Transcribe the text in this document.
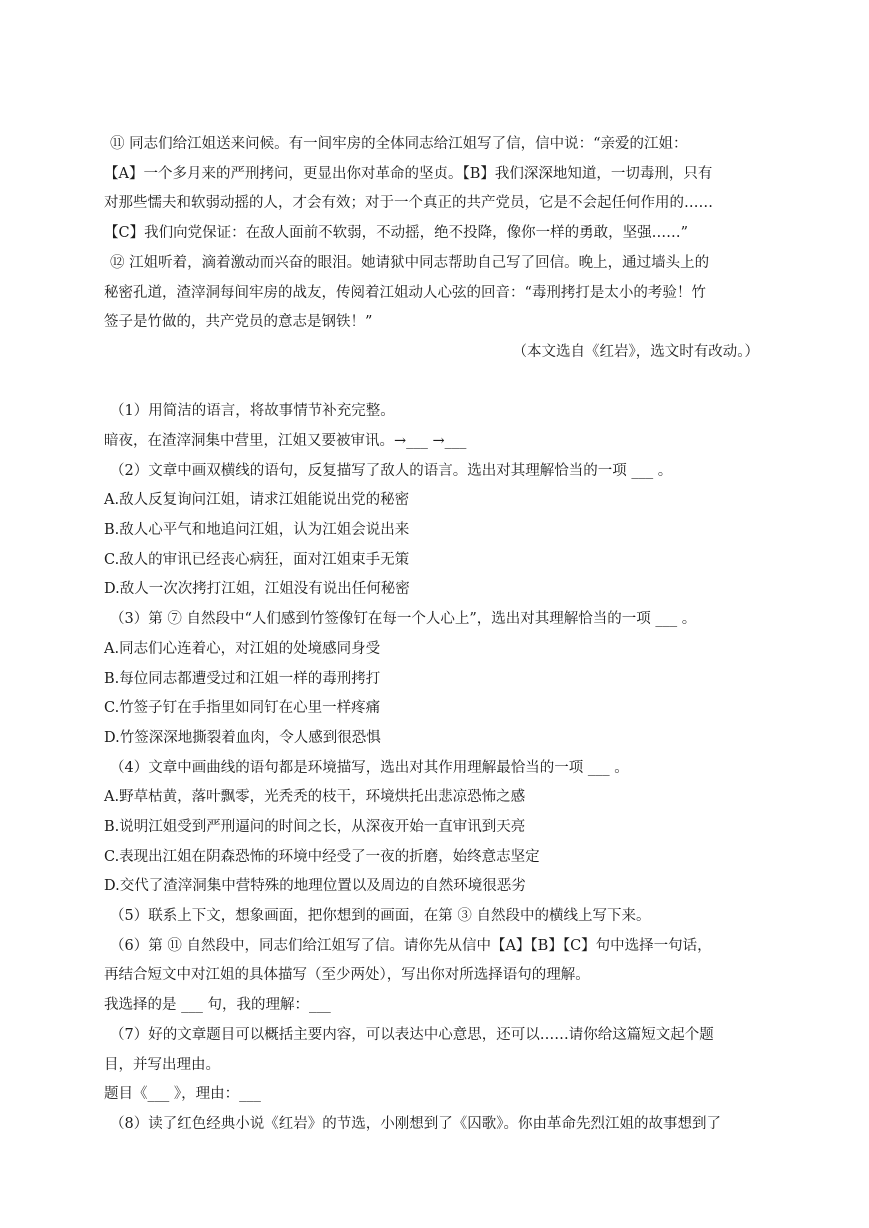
⑪ 同志们给江姐送来问候。有一间牢房的全体同志给江姐写了信，信中说：“亲爱的江姐：
【A】一个多月来的严刑拷问，更显出你对革命的坚贞。【B】我们深深地知道，一切毒刑，只有
对那些懦夫和软弱动摇的人，才会有效；对于一个真正的共产党员，它是不会起任何作用的……
【C】我们向党保证：在敌人面前不软弱，不动摇，绝不投降，像你一样的勇敢，坚强……”
⑫ 江姐听着，滴着激动而兴奋的眼泪。她请狱中同志帮助自己写了回信。晚上，通过墙头上的
秘密孔道，渣滓洞每间牢房的战友，传阅着江姐动人心弦的回音：“毒刑拷打是太小的考验！竹
签子是竹做的，共产党员的意志是钢铁！”
（本文选自《红岩》，选文时有改动。）
（1）用简洁的语言，将故事情节补充完整。
暗夜，在渣滓洞集中营里，江姐又要被审讯。→___ →___
（2）文章中画双横线的语句，反复描写了敌人的语言。选出对其理解恰当的一项 ___ 。
A.敌人反复询问江姐，请求江姐能说出党的秘密
B.敌人心平气和地追问江姐，认为江姐会说出来
C.敌人的审讯已经丧心病狂，面对江姐束手无策
D.敌人一次次拷打江姐，江姐没有说出任何秘密
（3）第 ⑦ 自然段中“人们感到竹签像钉在每一个人心上”，选出对其理解恰当的一项 ___ 。
A.同志们心连着心，对江姐的处境感同身受
B.每位同志都遭受过和江姐一样的毒刑拷打
C.竹签子钉在手指里如同钉在心里一样疼痛
D.竹签深深地撕裂着血肉，令人感到很恐惧
（4）文章中画曲线的语句都是环境描写，选出对其作用理解最恰当的一项 ___ 。
A.野草枯黄，落叶飘零，光秃秃的枝干，环境烘托出悲凉恐怖之感
B.说明江姐受到严刑逼问的时间之长，从深夜开始一直审讯到天亮
C.表现出江姐在阴森恐怖的环境中经受了一夜的折磨，始终意志坚定
D.交代了渣滓洞集中营特殊的地理位置以及周边的自然环境很恶劣
（5）联系上下文，想象画面，把你想到的画面，在第 ③ 自然段中的横线上写下来。
（6）第 ⑪ 自然段中，同志们给江姐写了信。请你先从信中【A】【B】【C】句中选择一句话，
再结合短文中对江姐的具体描写（至少两处），写出你对所选择语句的理解。
我选择的是 ___ 句，我的理解：___
（7）好的文章题目可以概括主要内容，可以表达中心意思，还可以……请你给这篇短文起个题
目，并写出理由。
题目《___ 》，理由：___
（8）读了红色经典小说《红岩》的节选，小刚想到了《囚歌》。你由革命先烈江姐的故事想到了
